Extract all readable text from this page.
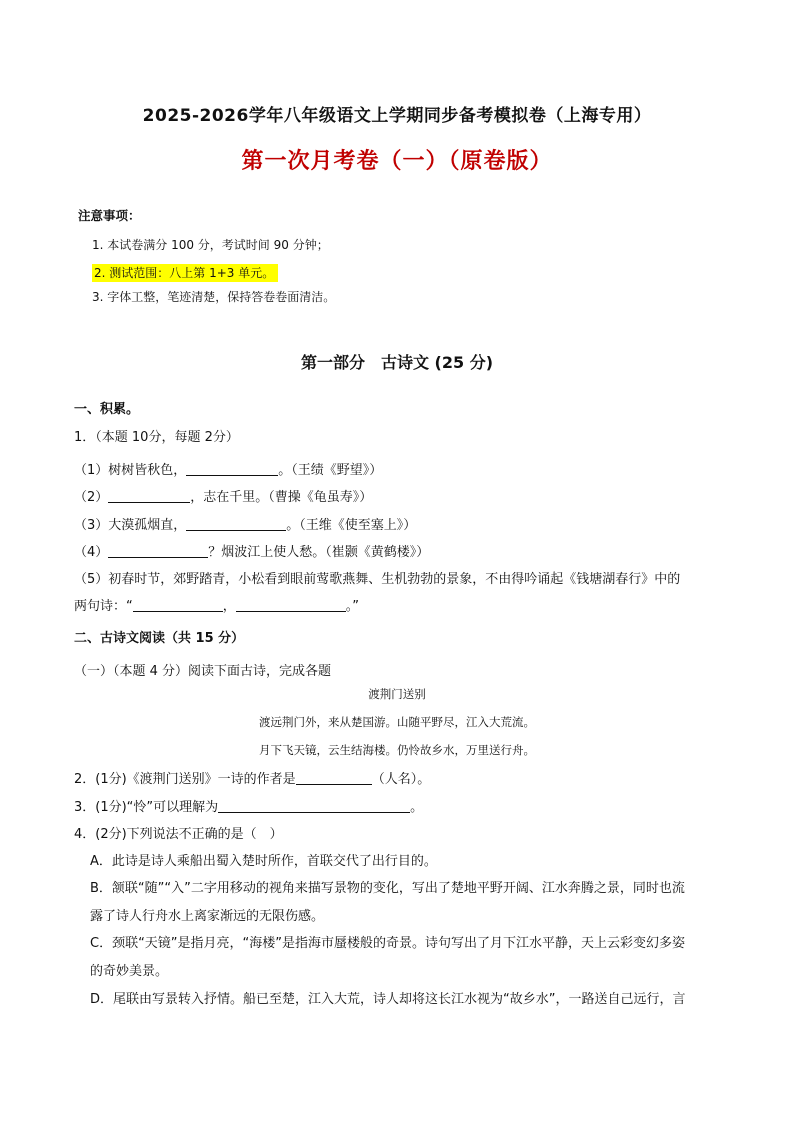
2025-2026学年八年级语文上学期同步备考模拟卷（上海专用）
第一次月考卷（一）（原卷版）
注意事项：
1. 本试卷满分 100 分，考试时间 90 分钟；
2. 测试范围：八上第 1+3 单元。
3. 字体工整，笔迹清楚，保持答卷卷面清洁。
第一部分　古诗文 (25 分)
一、积累。
1．（本题 10分，每题 2分）
（1）树树皆秋色，	。（王绩《野望》）
（2）	，志在千里。（曹操《龟虽寿》）
（3）大漠孤烟直，	。（王维《使至塞上》）
（4）	？烟波江上使人愁。（崔颢《黄鹤楼》）
（5）初春时节，郊野踏青，小松看到眼前莺歌燕舞、生机勃勃的景象，不由得吟诵起《钱塘湖春行》中的
两句诗：“	，	。”
二、古诗文阅读（共 15 分）
（一）（本题 4 分）阅读下面古诗，完成各题
渡荆门送别
渡远荆门外，来从楚国游。山随平野尽，江入大荒流。
月下飞天镜，云生结海楼。仍怜故乡水，万里送行舟。
2．(1分)《渡荆门送别》一诗的作者是	（人名）。
3．(1分)“怜”可以理解为	。
4．(2分)下列说法不正确的是（　）
A．此诗是诗人乘船出蜀入楚时所作，首联交代了出行目的。
B．颔联“随”“入”二字用移动的视角来描写景物的变化，写出了楚地平野开阔、江水奔腾之景，同时也流
露了诗人行舟水上离家渐远的无限伤感。
C．颈联“天镜”是指月亮，“海楼”是指海市蜃楼般的奇景。诗句写出了月下江水平静，天上云彩变幻多姿
的奇妙美景。
D．尾联由写景转入抒情。船已至楚，江入大荒，诗人却将这长江水视为“故乡水”，一路送自己远行，言
